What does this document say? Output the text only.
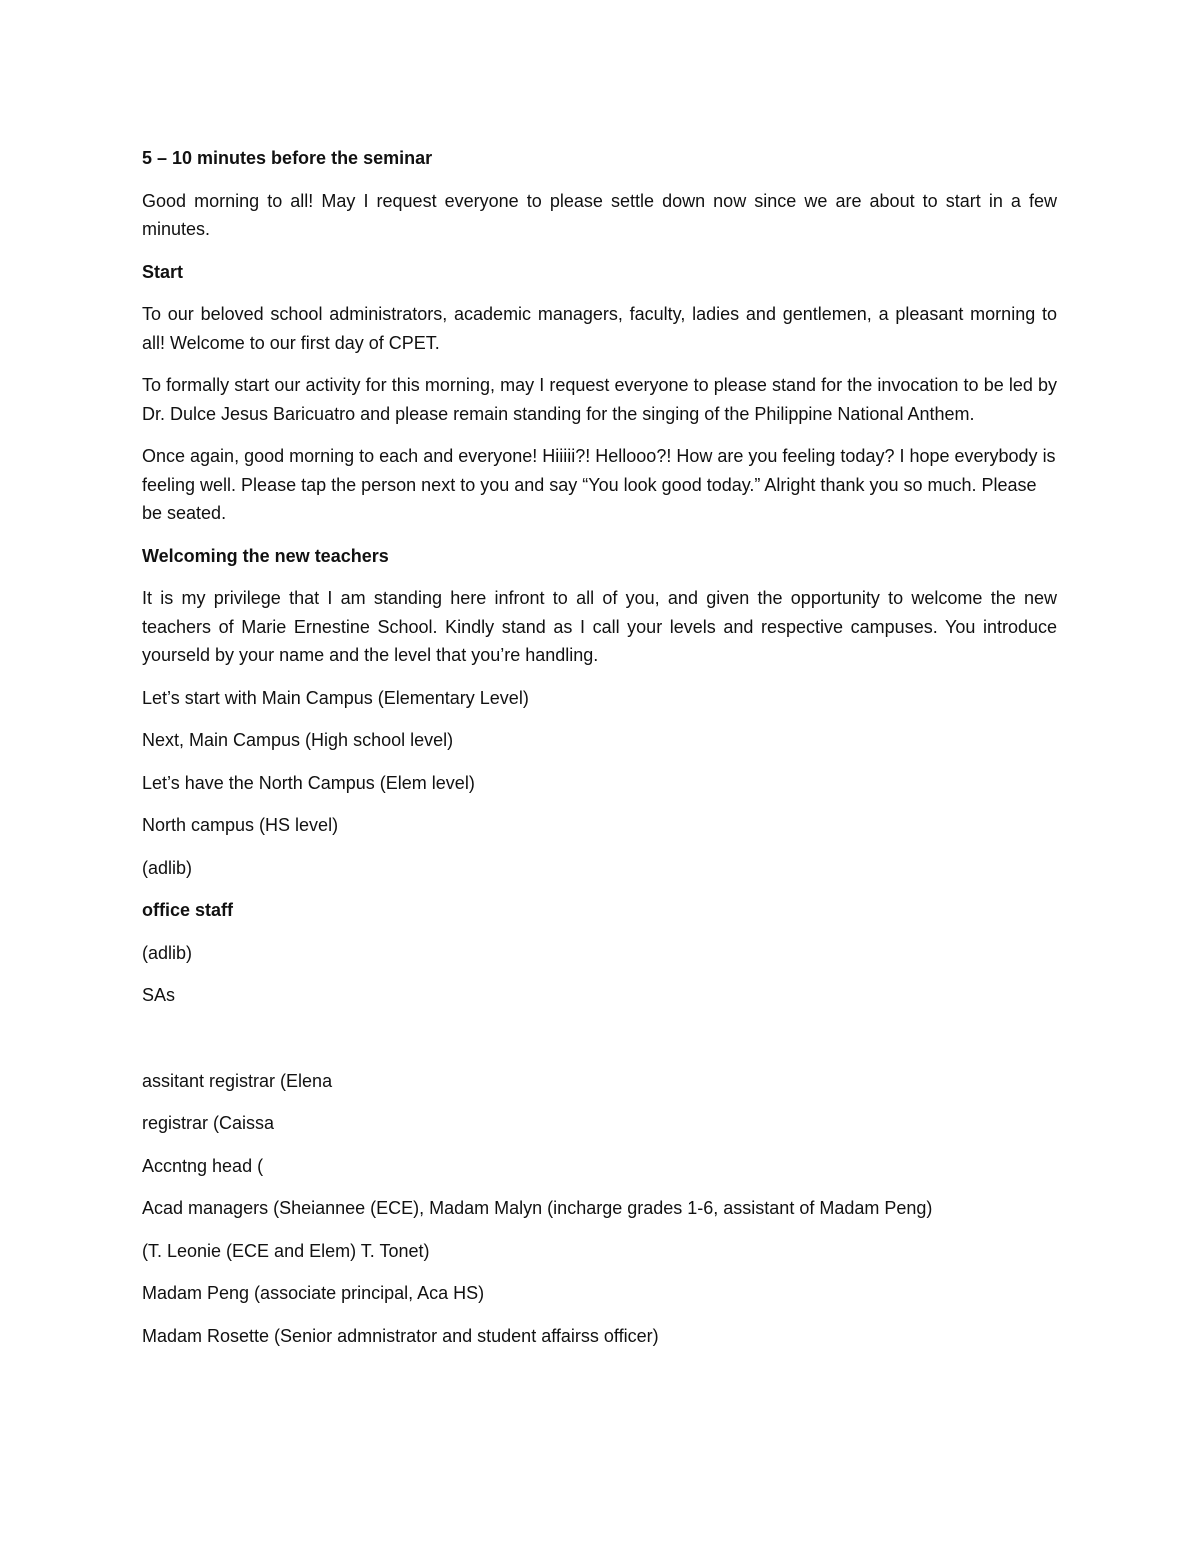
5 – 10 minutes before the seminar

Good morning to all! May I request everyone to please settle down now since we are about to start in a few minutes.

Start

To our beloved school administrators, academic managers, faculty, ladies and gentlemen, a pleasant morning to all! Welcome to our first day of CPET.

To formally start our activity for this morning, may I request everyone to please stand for the invocation to be led by Dr. Dulce Jesus Baricuatro and please remain standing for the singing of the Philippine National Anthem.

Once again, good morning to each and everyone! Hiiiii?! Hellooo?! How are you feeling today? I hope everybody is feeling well. Please tap the person next to you and say “You look good today.” Alright thank you so much. Please be seated.

Welcoming the new teachers

It is my privilege that I am standing here infront to all of you, and given the opportunity to welcome the new teachers of Marie Ernestine School. Kindly stand as I call your levels and respective campuses. You introduce yourseld by your name and the level that you’re handling.

Let’s start with Main Campus (Elementary Level)

Next, Main Campus (High school level)

Let’s have the North Campus (Elem level)

North campus (HS level)

(adlib)

office staff

(adlib)

SAs

assitant registrar (Elena

registrar (Caissa

Accntng head (

Acad managers (Sheiannee (ECE), Madam Malyn (incharge grades 1-6, assistant of Madam Peng)

(T. Leonie (ECE and Elem) T. Tonet)

Madam Peng (associate principal, Aca HS)

Madam Rosette (Senior admnistrator and student affairss officer)
